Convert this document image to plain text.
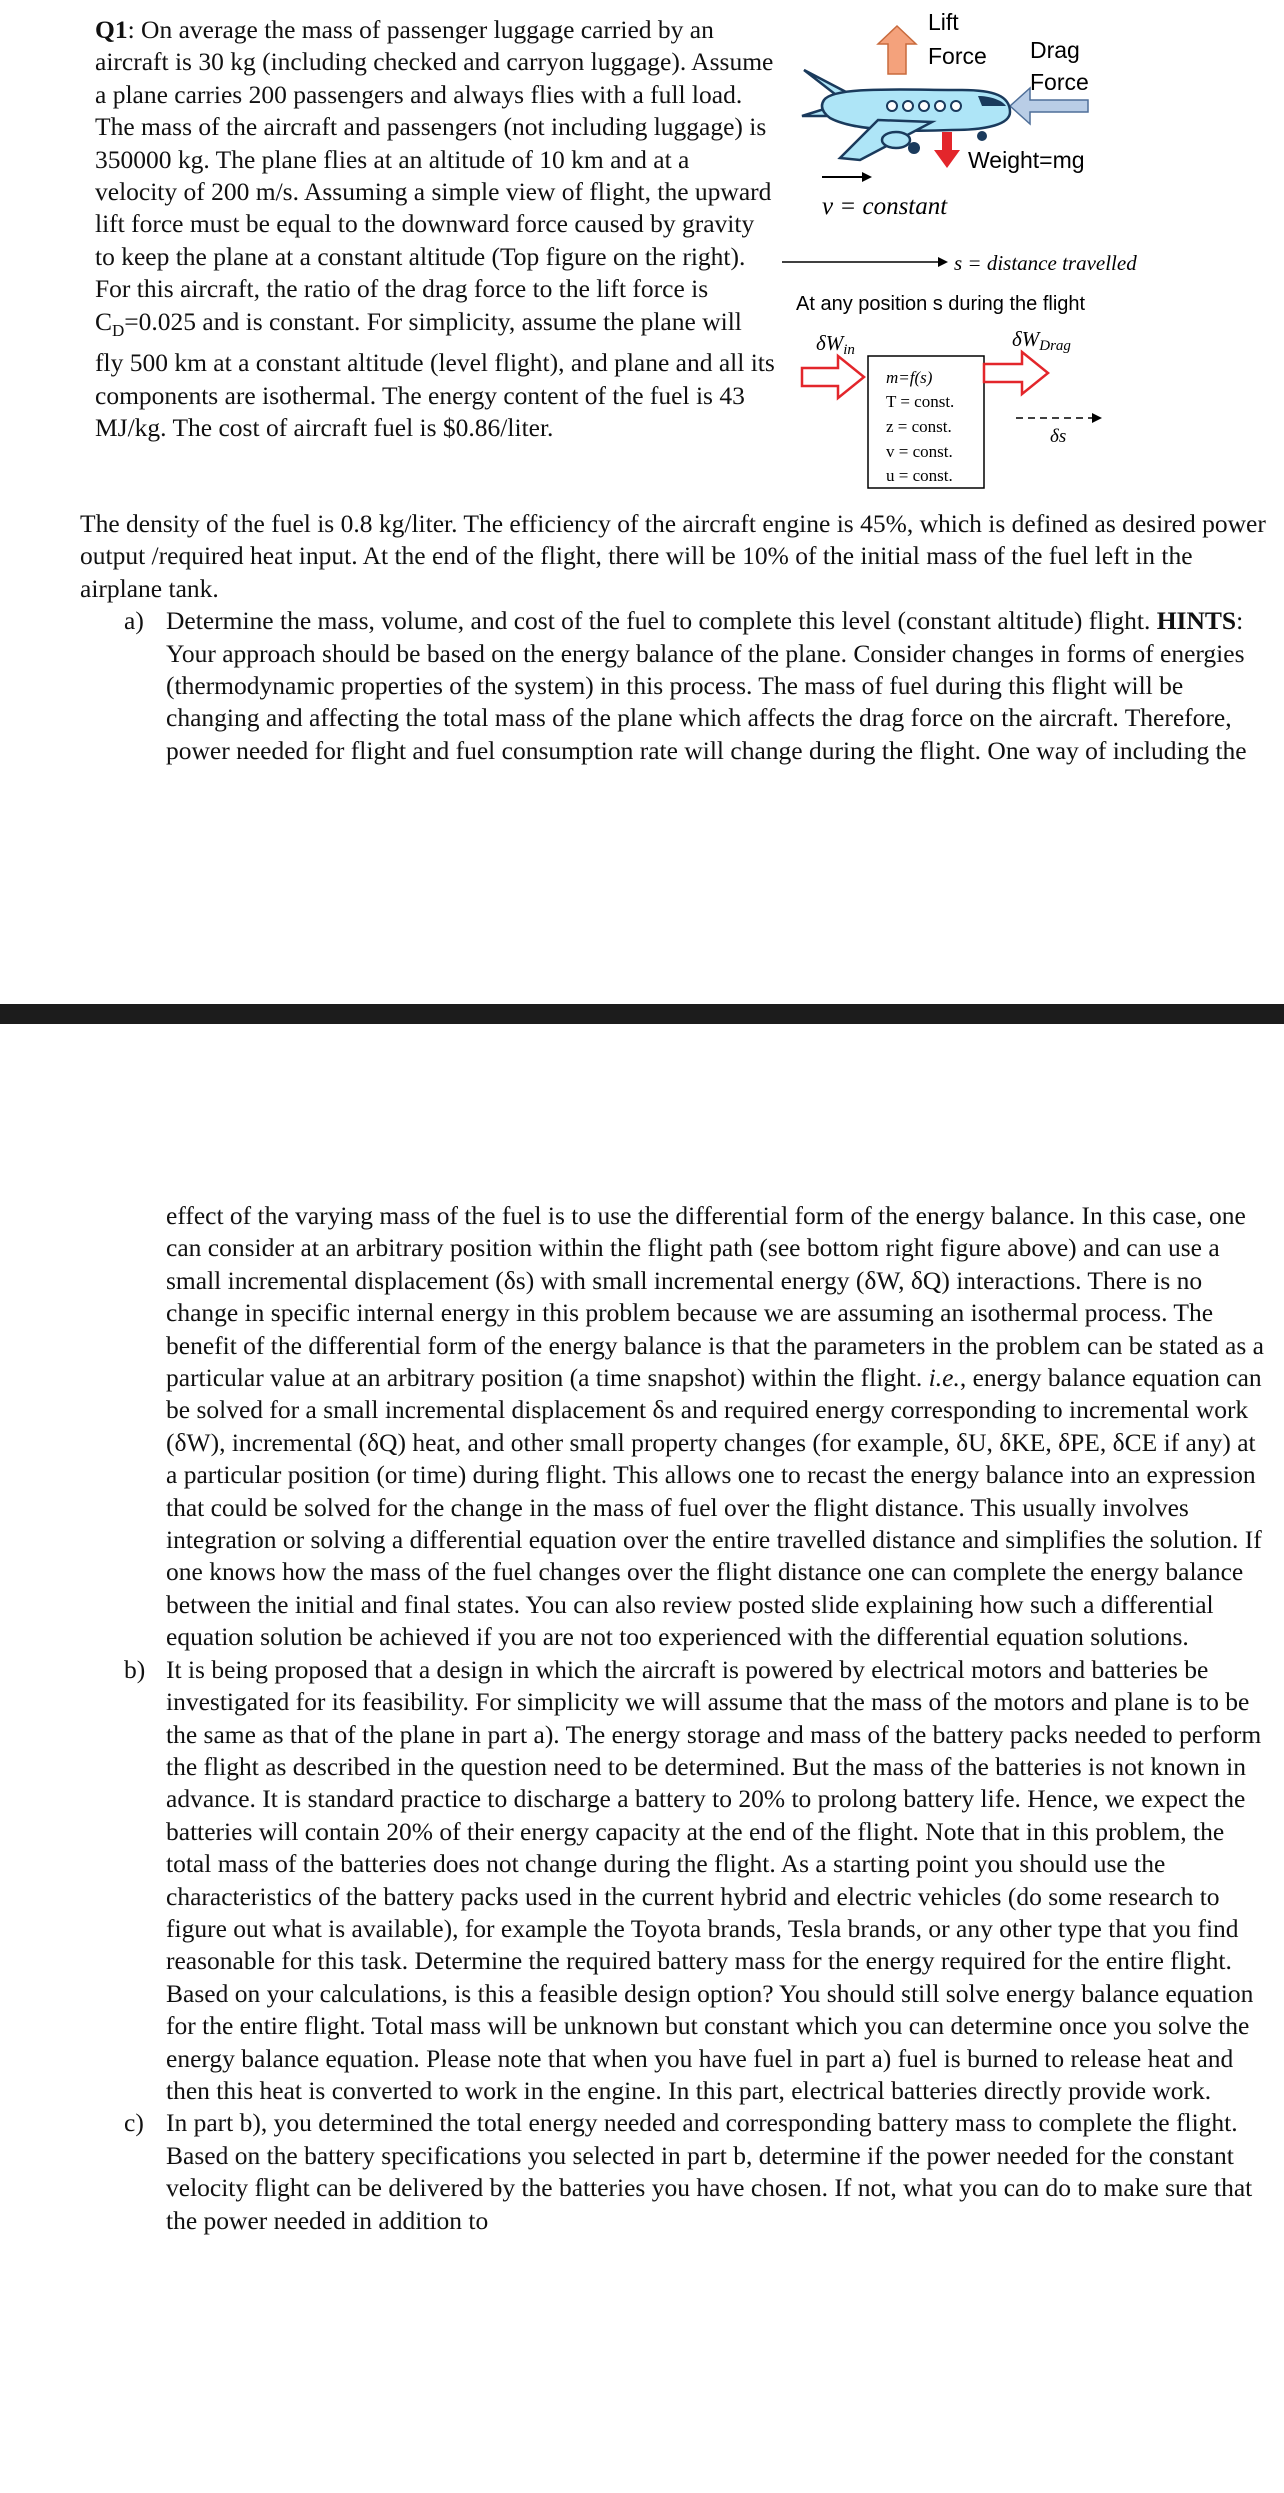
Lift
Force Drag
Force
Weight=mg
v = constant
s = distance travelled
At any position s during the flight
δWin	δWDrag
m=f(s)
T = const.
z = const.
v = const.
u = const.
δs
Q1: On average the mass of passenger luggage carried by an aircraft is 30 kg (including checked and carryon luggage). Assume a plane carries 200 passengers and always flies with a full load. The mass of the aircraft and passengers (not including luggage) is 350000 kg. The plane flies at an altitude of 10 km and at a velocity of 200 m/s. Assuming a simple view of flight, the upward lift force must be equal to the downward force caused by gravity to keep the plane at a constant altitude (Top figure on the right). For this aircraft, the ratio of the drag force to the lift force is $C_D=0.025$ and is constant. For simplicity, assume the plane will fly 500 km at a constant altitude (level flight), and plane and all its components are isothermal. The energy content of the fuel is 43 MJ/kg. The cost of aircraft fuel is $0.86/liter.

The density of the fuel is 0.8 kg/liter. The efficiency of the aircraft engine is 45%, which is defined as desired power output /required heat input. At the end of the flight, there will be 10% of the initial mass of the fuel left in the airplane tank.

a) Determine the mass, volume, and cost of the fuel to complete this level (constant altitude) flight. HINTS: Your approach should be based on the energy balance of the plane. Consider changes in forms of energies (thermodynamic properties of the system) in this process. The mass of fuel during this flight will be changing and affecting the total mass of the plane which affects the drag force on the aircraft. Therefore, power needed for flight and fuel consumption rate will change during the flight. One way of including the
effect of the varying mass of the fuel is to use the differential form of the energy balance. In this case, one can consider at an arbitrary position within the flight path (see bottom right figure above) and can use a small incremental displacement (δs) with small incremental energy (δW, δQ) interactions. There is no change in specific internal energy in this problem because we are assuming an isothermal process. The benefit of the differential form of the energy balance is that the parameters in the problem can be stated as a particular value at an arbitrary position (a time snapshot) within the flight. i.e., energy balance equation can be solved for a small incremental displacement δs and required energy corresponding to incremental work (δW), incremental (δQ) heat, and other small property changes (for example, δU, δKE, δPE, δCE if any) at a particular position (or time) during flight. This allows one to recast the energy balance into an expression that could be solved for the change in the mass of fuel over the flight distance. This usually involves integration or solving a differential equation over the entire travelled distance and simplifies the solution. If one knows how the mass of the fuel changes over the flight distance one can complete the energy balance between the initial and final states. You can also review posted slide explaining how such a differential equation solution be achieved if you are not too experienced with the differential equation solutions.
b) It is being proposed that a design in which the aircraft is powered by electrical motors and batteries be investigated for its feasibility. For simplicity we will assume that the mass of the motors and plane is to be the same as that of the plane in part a). The energy storage and mass of the battery packs needed to perform the flight as described in the question need to be determined. But the mass of the batteries is not known in advance. It is standard practice to discharge a battery to 20% to prolong battery life. Hence, we expect the batteries will contain 20% of their energy capacity at the end of the flight. Note that in this problem, the total mass of the batteries does not change during the flight. As a starting point you should use the characteristics of the battery packs used in the current hybrid and electric vehicles (do some research to figure out what is available), for example the Toyota brands, Tesla brands, or any other type that you find reasonable for this task. Determine the required battery mass for the energy required for the entire flight. Based on your calculations, is this a feasible design option? You should still solve energy balance equation for the entire flight. Total mass will be unknown but constant which you can determine once you solve the energy balance equation. Please note that when you have fuel in part a) fuel is burned to release heat and then this heat is converted to work in the engine. In this part, electrical batteries directly provide work.
c) In part b), you determined the total energy needed and corresponding battery mass to complete the flight. Based on the battery specifications you selected in part b, determine if the power needed for the constant velocity flight can be delivered by the batteries you have chosen. If not, what you can do to make sure that the power needed in addition to
